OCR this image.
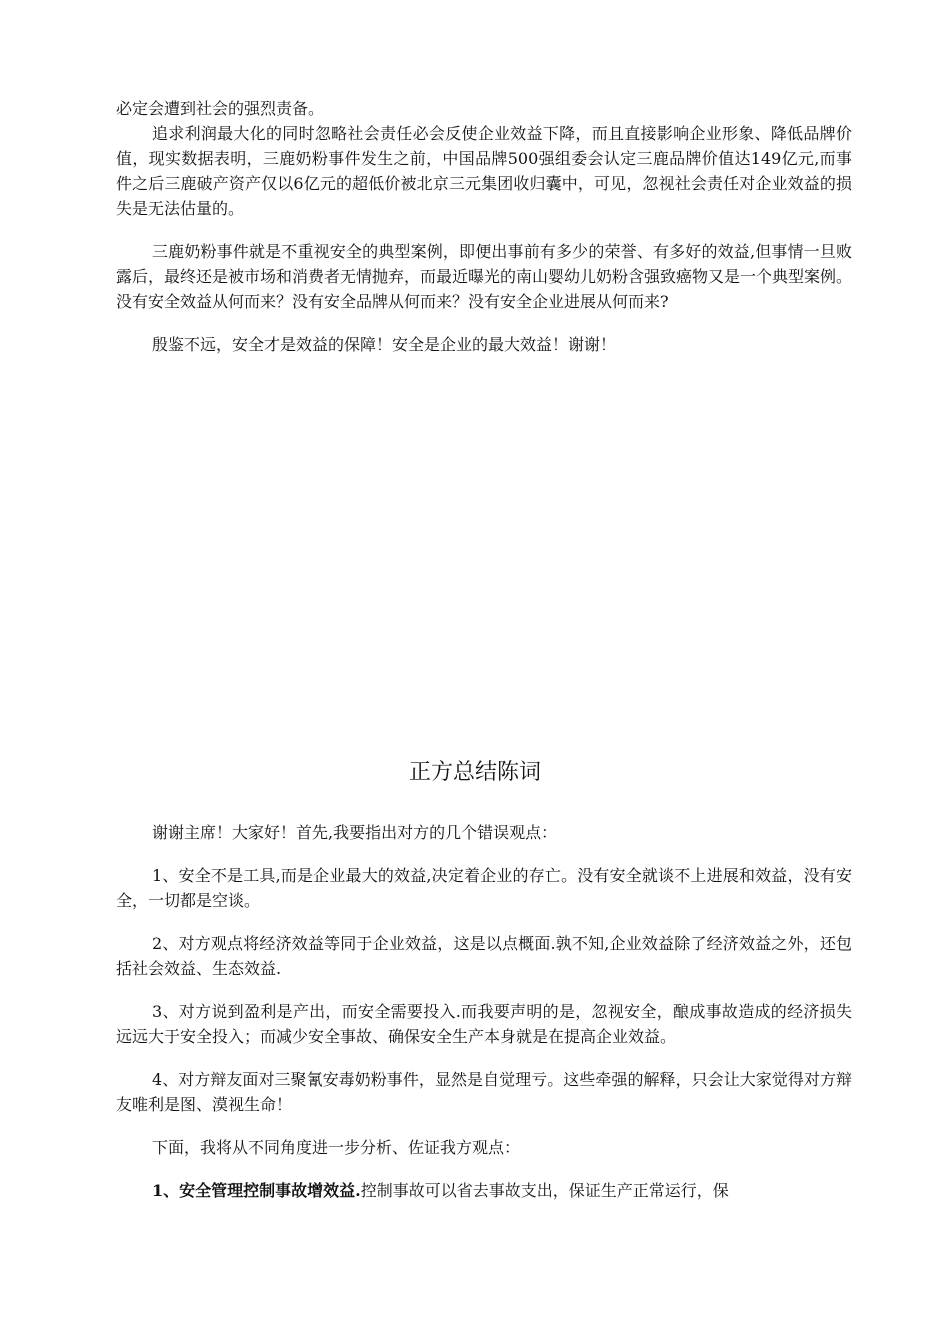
必定会遭到社会的强烈责备。

追求利润最大化的同时忽略社会责任必会反使企业效益下降，而且直接影响企业形象、降低品牌价值，现实数据表明，三鹿奶粉事件发生之前，中国品牌500强组委会认定三鹿品牌价值达149亿元,而事件之后三鹿破产资产仅以6亿元的超低价被北京三元集团收归囊中，可见，忽视社会责任对企业效益的损失是无法估量的。

三鹿奶粉事件就是不重视安全的典型案例，即便出事前有多少的荣誉、有多好的效益,但事情一旦败露后，最终还是被市场和消费者无情抛弃，而最近曝光的南山婴幼儿奶粉含强致癌物又是一个典型案例。没有安全效益从何而来？没有安全品牌从何而来？没有安全企业进展从何而来?

殷鉴不远，安全才是效益的保障！安全是企业的最大效益！谢谢！

正方总结陈词

谢谢主席！大家好！首先,我要指出对方的几个错误观点：

1、安全不是工具,而是企业最大的效益,决定着企业的存亡。没有安全就谈不上进展和效益，没有安全，一切都是空谈。

2、对方观点将经济效益等同于企业效益，这是以点概面.孰不知,企业效益除了经济效益之外，还包括社会效益、生态效益.

3、对方说到盈利是产出，而安全需要投入.而我要声明的是，忽视安全，酿成事故造成的经济损失远远大于安全投入；而减少安全事故、确保安全生产本身就是在提高企业效益。

4、对方辩友面对三聚氰安毒奶粉事件，显然是自觉理亏。这些牵强的解释，只会让大家觉得对方辩友唯利是图、漠视生命！

下面，我将从不同角度进一步分析、佐证我方观点：

1、安全管理控制事故增效益.控制事故可以省去事故支出，保证生产正常运行，保
